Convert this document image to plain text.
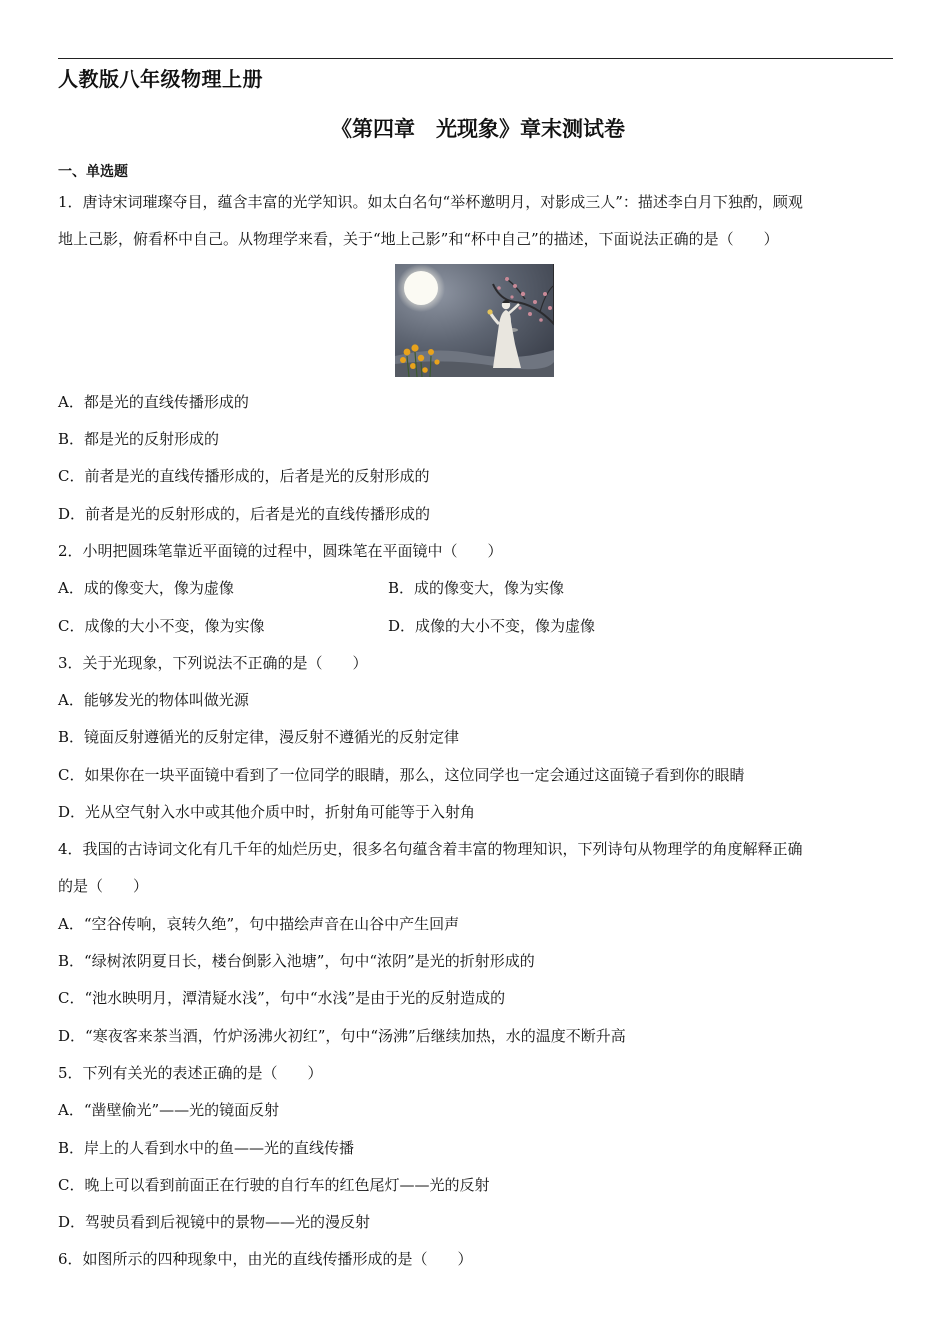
人教版八年级物理上册
《第四章　光现象》章末测试卷
一、单选题
1．唐诗宋词璀璨夺目，蕴含丰富的光学知识。如太白名句“举杯邀明月，对影成三人”：描述李白月下独酌，顾观
地上己影，俯看杯中自己。从物理学来看，关于“地上己影”和“杯中自己”的描述，下面说法正确的是（　　）
A．都是光的直线传播形成的
B．都是光的反射形成的
C．前者是光的直线传播形成的，后者是光的反射形成的
D．前者是光的反射形成的，后者是光的直线传播形成的
2．小明把圆珠笔靠近平面镜的过程中，圆珠笔在平面镜中（　　）
A．成的像变大，像为虚像	B．成的像变大，像为实像
C．成像的大小不变，像为实像	D．成像的大小不变，像为虚像
3．关于光现象，下列说法不正确的是（　　）
A．能够发光的物体叫做光源
B．镜面反射遵循光的反射定律，漫反射不遵循光的反射定律
C．如果你在一块平面镜中看到了一位同学的眼睛，那么，这位同学也一定会通过这面镜子看到你的眼睛
D．光从空气射入水中或其他介质中时，折射角可能等于入射角
4．我国的古诗词文化有几千年的灿烂历史，很多名句蕴含着丰富的物理知识，下列诗句从物理学的角度解释正确
的是（　　）
A．“空谷传响，哀转久绝”，句中描绘声音在山谷中产生回声
B．“绿树浓阴夏日长，楼台倒影入池塘”，句中“浓阴”是光的折射形成的
C．“池水映明月，潭清疑水浅”，句中“水浅”是由于光的反射造成的
D．“寒夜客来茶当酒，竹炉汤沸火初红”，句中“汤沸”后继续加热，水的温度不断升高
5．下列有关光的表述正确的是（　　）
A．“凿壁偷光”——光的镜面反射
B．岸上的人看到水中的鱼——光的直线传播
C．晚上可以看到前面正在行驶的自行车的红色尾灯——光的反射
D．驾驶员看到后视镜中的景物——光的漫反射
6．如图所示的四种现象中，由光的直线传播形成的是（　　）
